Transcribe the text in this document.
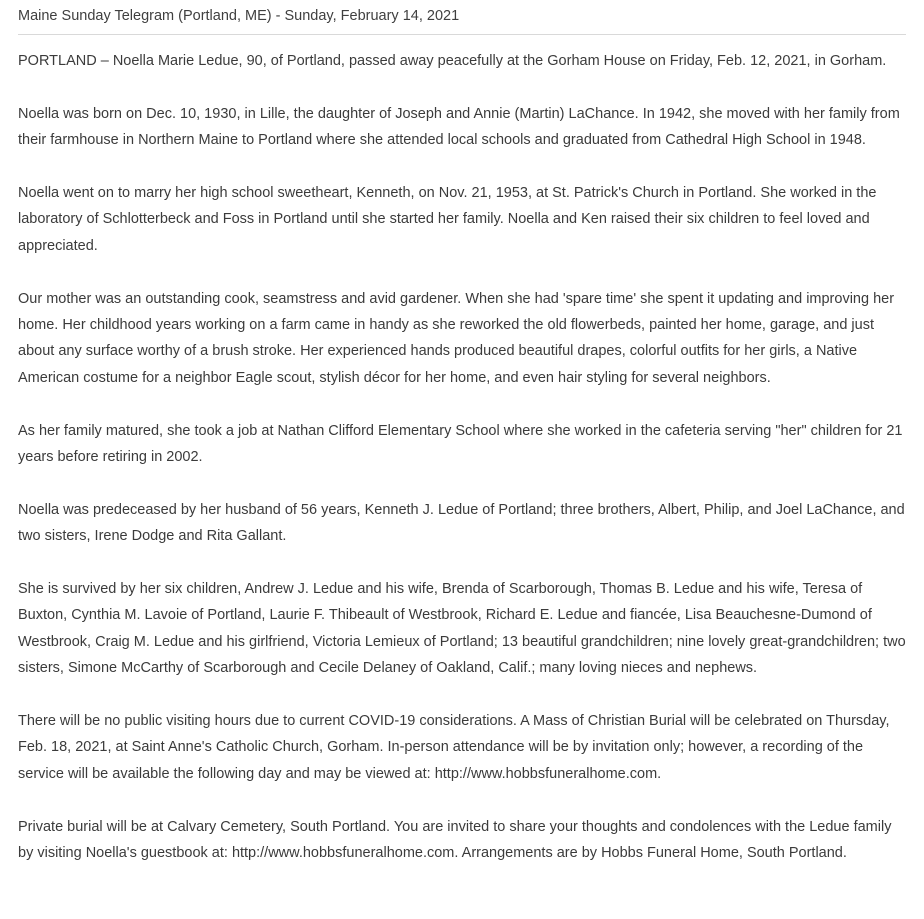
Maine Sunday Telegram (Portland, ME) - Sunday, February 14, 2021

PORTLAND – Noella Marie Ledue, 90, of Portland, passed away peacefully at the Gorham House on Friday, Feb. 12, 2021, in Gorham.

Noella was born on Dec. 10, 1930, in Lille, the daughter of Joseph and Annie (Martin) LaChance. In 1942, she moved with her family from their farmhouse in Northern Maine to Portland where she attended local schools and graduated from Cathedral High School in 1948.

Noella went on to marry her high school sweetheart, Kenneth, on Nov. 21, 1953, at St. Patrick's Church in Portland. She worked in the laboratory of Schlotterbeck and Foss in Portland until she started her family. Noella and Ken raised their six children to feel loved and appreciated.

Our mother was an outstanding cook, seamstress and avid gardener. When she had 'spare time' she spent it updating and improving her home. Her childhood years working on a farm came in handy as she reworked the old flowerbeds, painted her home, garage, and just about any surface worthy of a brush stroke. Her experienced hands produced beautiful drapes, colorful outfits for her girls, a Native American costume for a neighbor Eagle scout, stylish décor for her home, and even hair styling for several neighbors.

As her family matured, she took a job at Nathan Clifford Elementary School where she worked in the cafeteria serving "her" children for 21 years before retiring in 2002.

Noella was predeceased by her husband of 56 years, Kenneth J. Ledue of Portland; three brothers, Albert, Philip, and Joel LaChance, and two sisters, Irene Dodge and Rita Gallant.

She is survived by her six children, Andrew J. Ledue and his wife, Brenda of Scarborough, Thomas B. Ledue and his wife, Teresa of Buxton, Cynthia M. Lavoie of Portland, Laurie F. Thibeault of Westbrook, Richard E. Ledue and fiancée, Lisa Beauchesne-Dumond of Westbrook, Craig M. Ledue and his girlfriend, Victoria Lemieux of Portland; 13 beautiful grandchildren; nine lovely great-grandchildren; two sisters, Simone McCarthy of Scarborough and Cecile Delaney of Oakland, Calif.; many loving nieces and nephews.

There will be no public visiting hours due to current COVID-19 considerations. A Mass of Christian Burial will be celebrated on Thursday, Feb. 18, 2021, at Saint Anne's Catholic Church, Gorham. In-person attendance will be by invitation only; however, a recording of the service will be available the following day and may be viewed at: http://www.hobbsfuneralhome.com.

Private burial will be at Calvary Cemetery, South Portland. You are invited to share your thoughts and condolences with the Ledue family by visiting Noella's guestbook at: http://www.hobbsfuneralhome.com. Arrangements are by Hobbs Funeral Home, South Portland.
